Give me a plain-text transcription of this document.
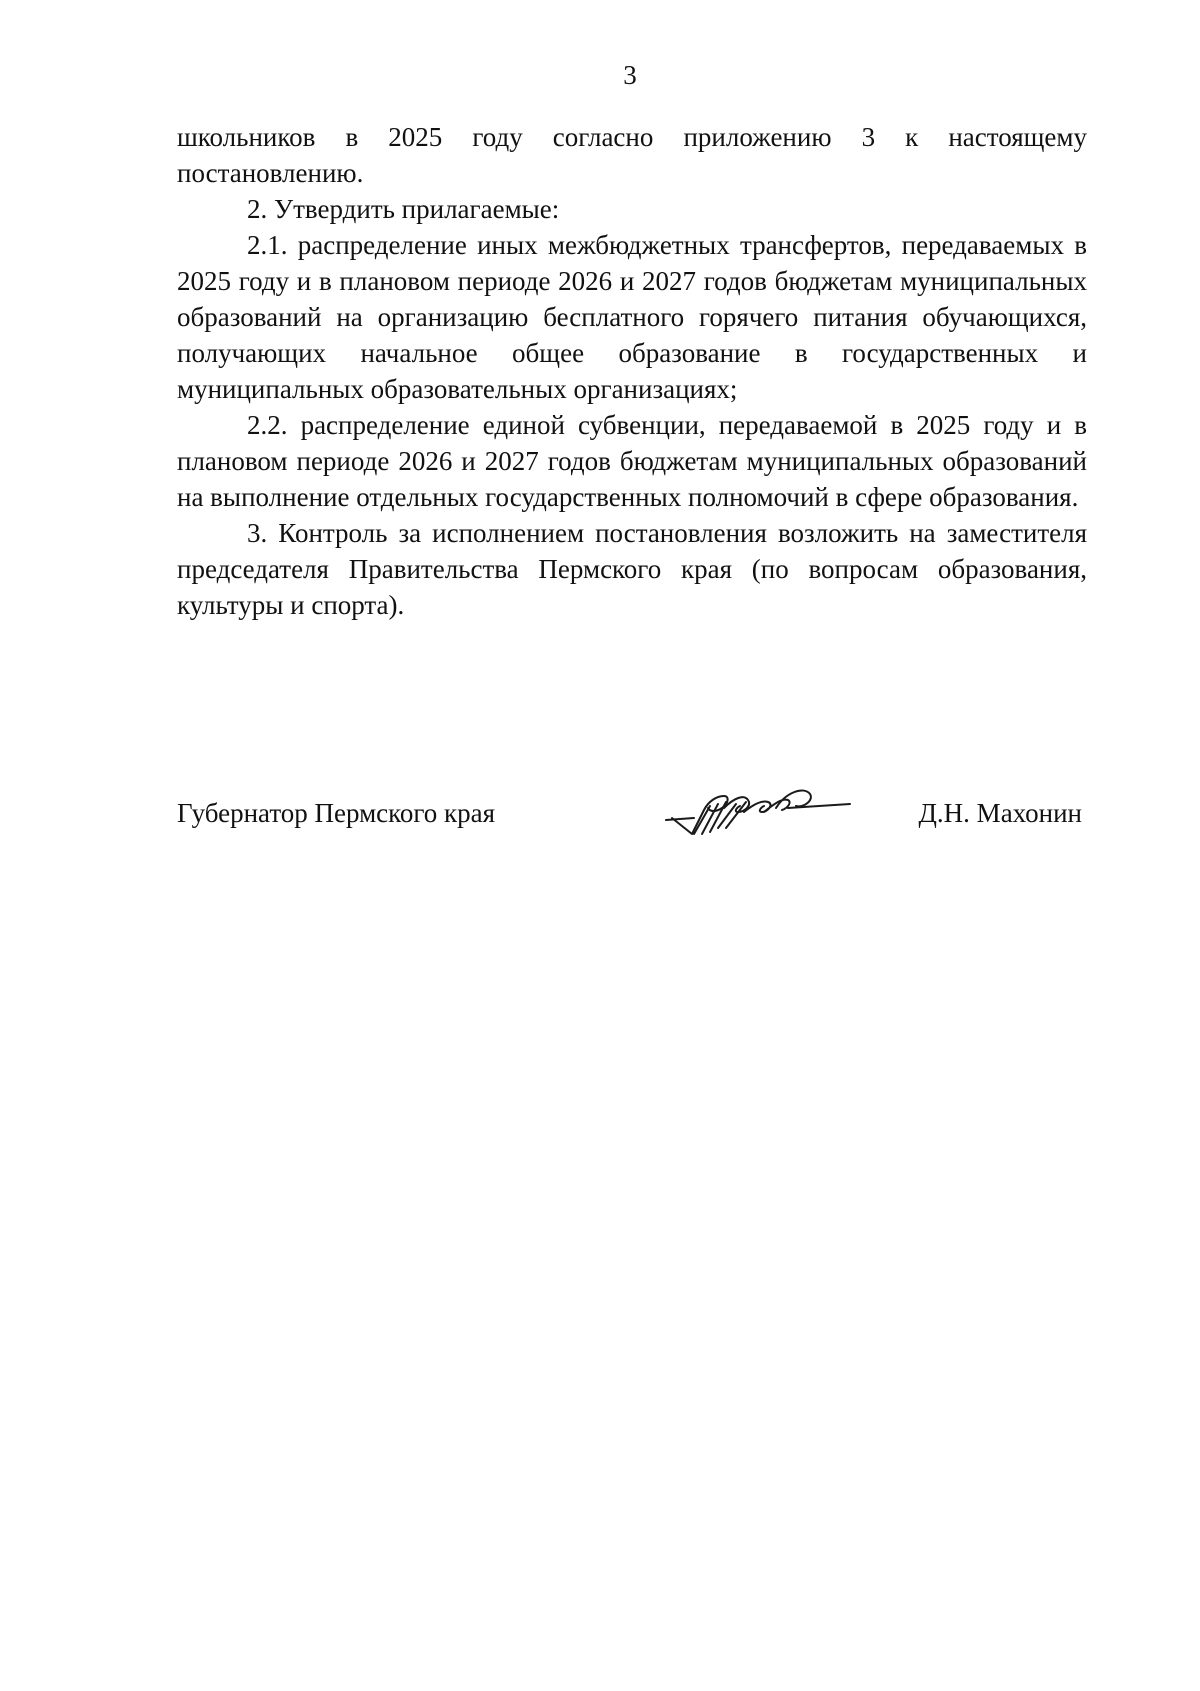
3

школьников в 2025 году согласно приложению 3 к настоящему постановлению.

2. Утвердить прилагаемые:

2.1. распределение иных межбюджетных трансфертов, передаваемых в 2025 году и в плановом периоде 2026 и 2027 годов бюджетам муниципальных образований на организацию бесплатного горячего питания обучающихся, получающих начальное общее образование в государственных и муниципальных образовательных организациях;

2.2. распределение единой субвенции, передаваемой в 2025 году и в плановом периоде 2026 и 2027 годов бюджетам муниципальных образований на выполнение отдельных государственных полномочий в сфере образования.

3. Контроль за исполнением постановления возложить на заместителя председателя Правительства Пермского края (по вопросам образования, культуры и спорта).

Губернатор Пермского края	Д.Н. Махонин
